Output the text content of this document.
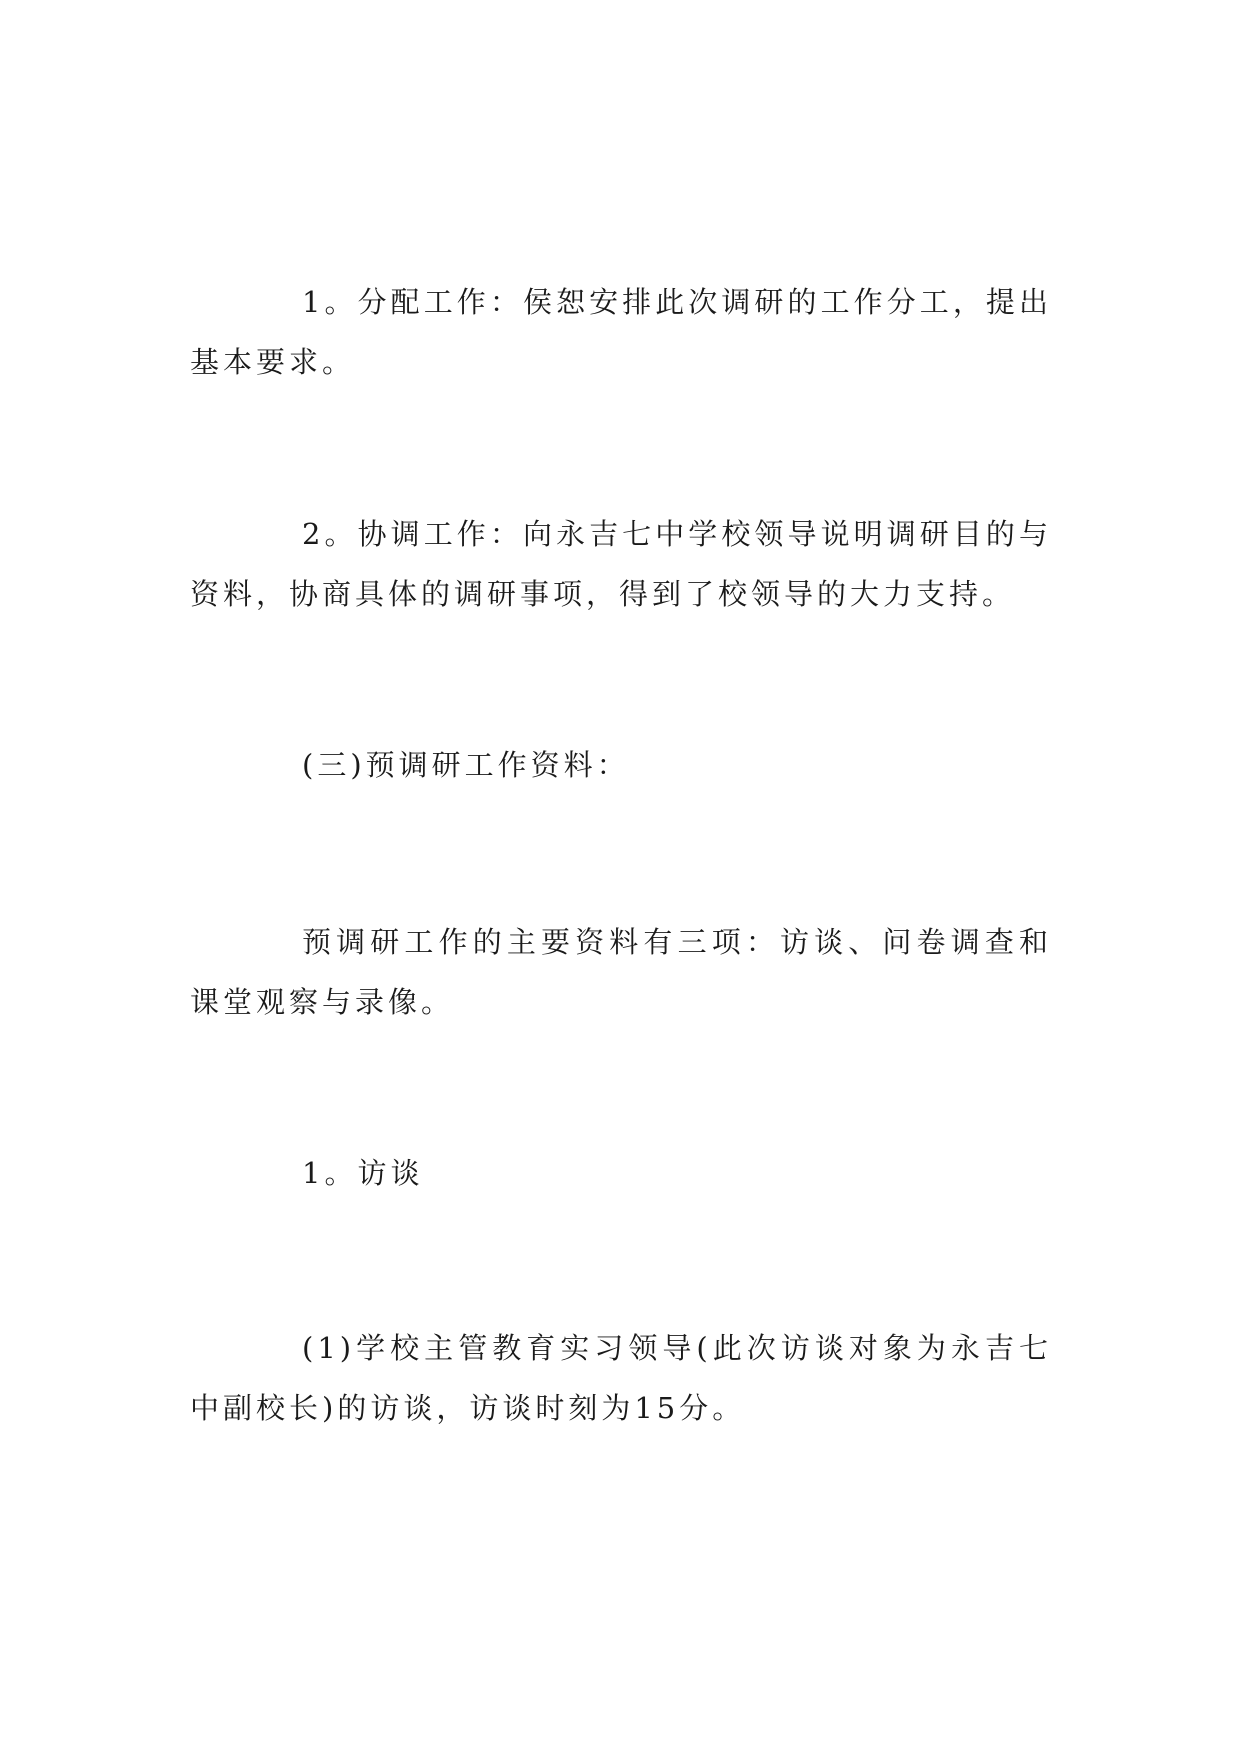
1。分配工作：侯恕安排此次调研的工作分工，提出基本要求。

2。协调工作：向永吉七中学校领导说明调研目的与资料，协商具体的调研事项，得到了校领导的大力支持。

(三)预调研工作资料：

预调研工作的主要资料有三项：访谈、问卷调查和课堂观察与录像。

1。访谈

(1)学校主管教育实习领导(此次访谈对象为永吉七中副校长)的访谈，访谈时刻为15分。
